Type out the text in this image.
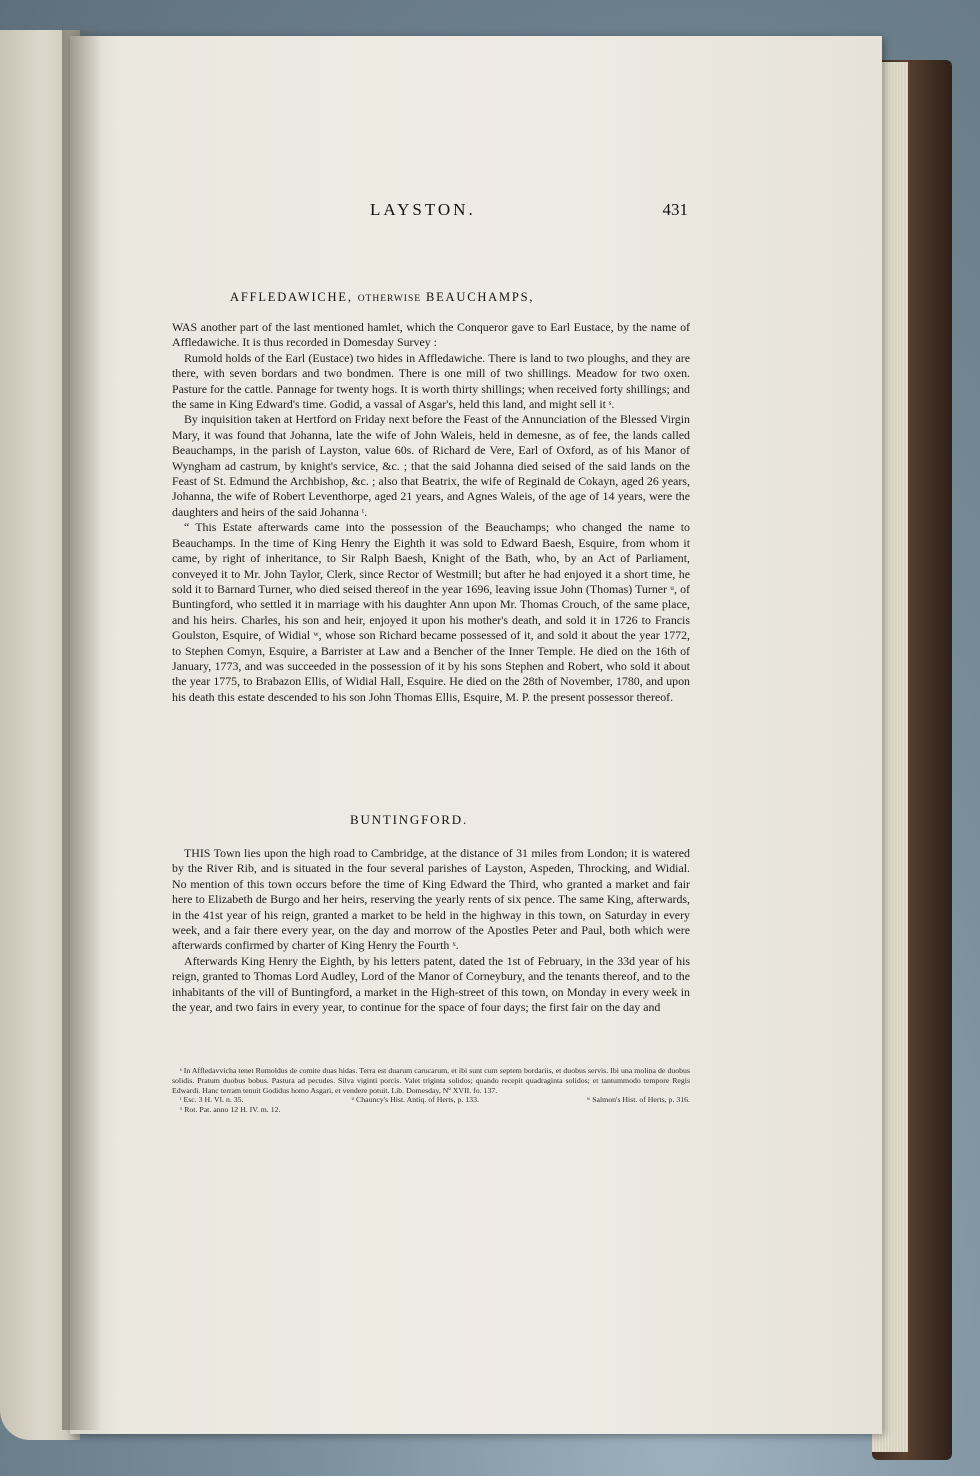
LAYSTON.	431
AFFLEDAWICHE, OTHERWISE BEAUCHAMPS,

WAS another part of the last mentioned hamlet, which the Conqueror gave to Earl Eustace, by the name of Affledawiche. It is thus recorded in Domesday Survey :

Rumold holds of the Earl (Eustace) two hides in Affledawiche. There is land to two ploughs, and they are there, with seven bordars and two bondmen. There is one mill of two shillings. Meadow for two oxen. Pasture for the cattle. Pannage for twenty hogs. It is worth thirty shillings; when received forty shillings; and the same in King Edward's time. Godid, a vassal of Asgar's, held this land, and might sell it ˢ.

By inquisition taken at Hertford on Friday next before the Feast of the Annunciation of the Blessed Virgin Mary, it was found that Johanna, late the wife of John Waleis, held in demesne, as of fee, the lands called Beauchamps, in the parish of Layston, value 60s. of Richard de Vere, Earl of Oxford, as of his Manor of Wyngham ad castrum, by knight's service, &c. ; that the said Johanna died seised of the said lands on the Feast of St. Edmund the Archbishop, &c. ; also that Beatrix, the wife of Reginald de Cokayn, aged 26 years, Johanna, the wife of Robert Leventhorpe, aged 21 years, and Agnes Waleis, of the age of 14 years, were the daughters and heirs of the said Johanna ᵗ.

“ This Estate afterwards came into the possession of the Beauchamps; who changed the name to Beauchamps. In the time of King Henry the Eighth it was sold to Edward Baesh, Esquire, from whom it came, by right of inheritance, to Sir Ralph Baesh, Knight of the Bath, who, by an Act of Parliament, conveyed it to Mr. John Taylor, Clerk, since Rector of Westmill; but after he had enjoyed it a short time, he sold it to Barnard Turner, who died seised thereof in the year 1696, leaving issue John (Thomas) Turner ᵘ, of Buntingford, who settled it in marriage with his daughter Ann upon Mr. Thomas Crouch, of the same place, and his heirs. Charles, his son and heir, enjoyed it upon his mother's death, and sold it in 1726 to Francis Goulston, Esquire, of Widial ʷ, whose son Richard became possessed of it, and sold it about the year 1772, to Stephen Comyn, Esquire, a Barrister at Law and a Bencher of the Inner Temple. He died on the 16th of January, 1773, and was succeeded in the possession of it by his sons Stephen and Robert, who sold it about the year 1775, to Brabazon Ellis, of Widial Hall, Esquire. He died on the 28th of November, 1780, and upon his death this estate descended to his son John Thomas Ellis, Esquire, M. P. the present possessor thereof.

BUNTINGFORD.

THIS Town lies upon the high road to Cambridge, at the distance of 31 miles from London; it is watered by the River Rib, and is situated in the four several parishes of Layston, Aspeden, Throcking, and Widial. No mention of this town occurs before the time of King Edward the Third, who granted a market and fair here to Elizabeth de Burgo and her heirs, reserving the yearly rents of six pence. The same King, afterwards, in the 41st year of his reign, granted a market to be held in the highway in this town, on Saturday in every week, and a fair there every year, on the day and morrow of the Apostles Peter and Paul, both which were afterwards confirmed by charter of King Henry the Fourth ˣ.

Afterwards King Henry the Eighth, by his letters patent, dated the 1st of February, in the 33d year of his reign, granted to Thomas Lord Audley, Lord of the Manor of Corneybury, and the tenants thereof, and to the inhabitants of the vill of Buntingford, a market in the High-street of this town, on Monday in every week in the year, and two fairs in every year, to continue for the space of four days; the first fair on the day and

ˢ In Affledavvicha tenet Rumoldus de comite duas hidas. Terra est duarum carucarum, et ibi sunt cum septem bordariis, et duobus servis. Ibi una molina de duobus solidis. Pratum duobus bobus. Pastura ad pecudes. Silva viginti porcis. Valet triginta solidos; quando recepit quadraginta solidos; et tantummodo tempore Regis Edwardi. Hanc terram tenuit Godidus homo Asgari, et vendere potuit. Lib. Domesday, Nº XVII. fo. 137.

ᵗ Esc. 3 H. VI. n. 35.	ᵘ Chauncy's Hist. Antiq. of Herts, p. 133.	ʷ Salmon's Hist. of Herts, p. 316.

ˣ Rot. Pat. anno 12 H. IV. m. 12.
